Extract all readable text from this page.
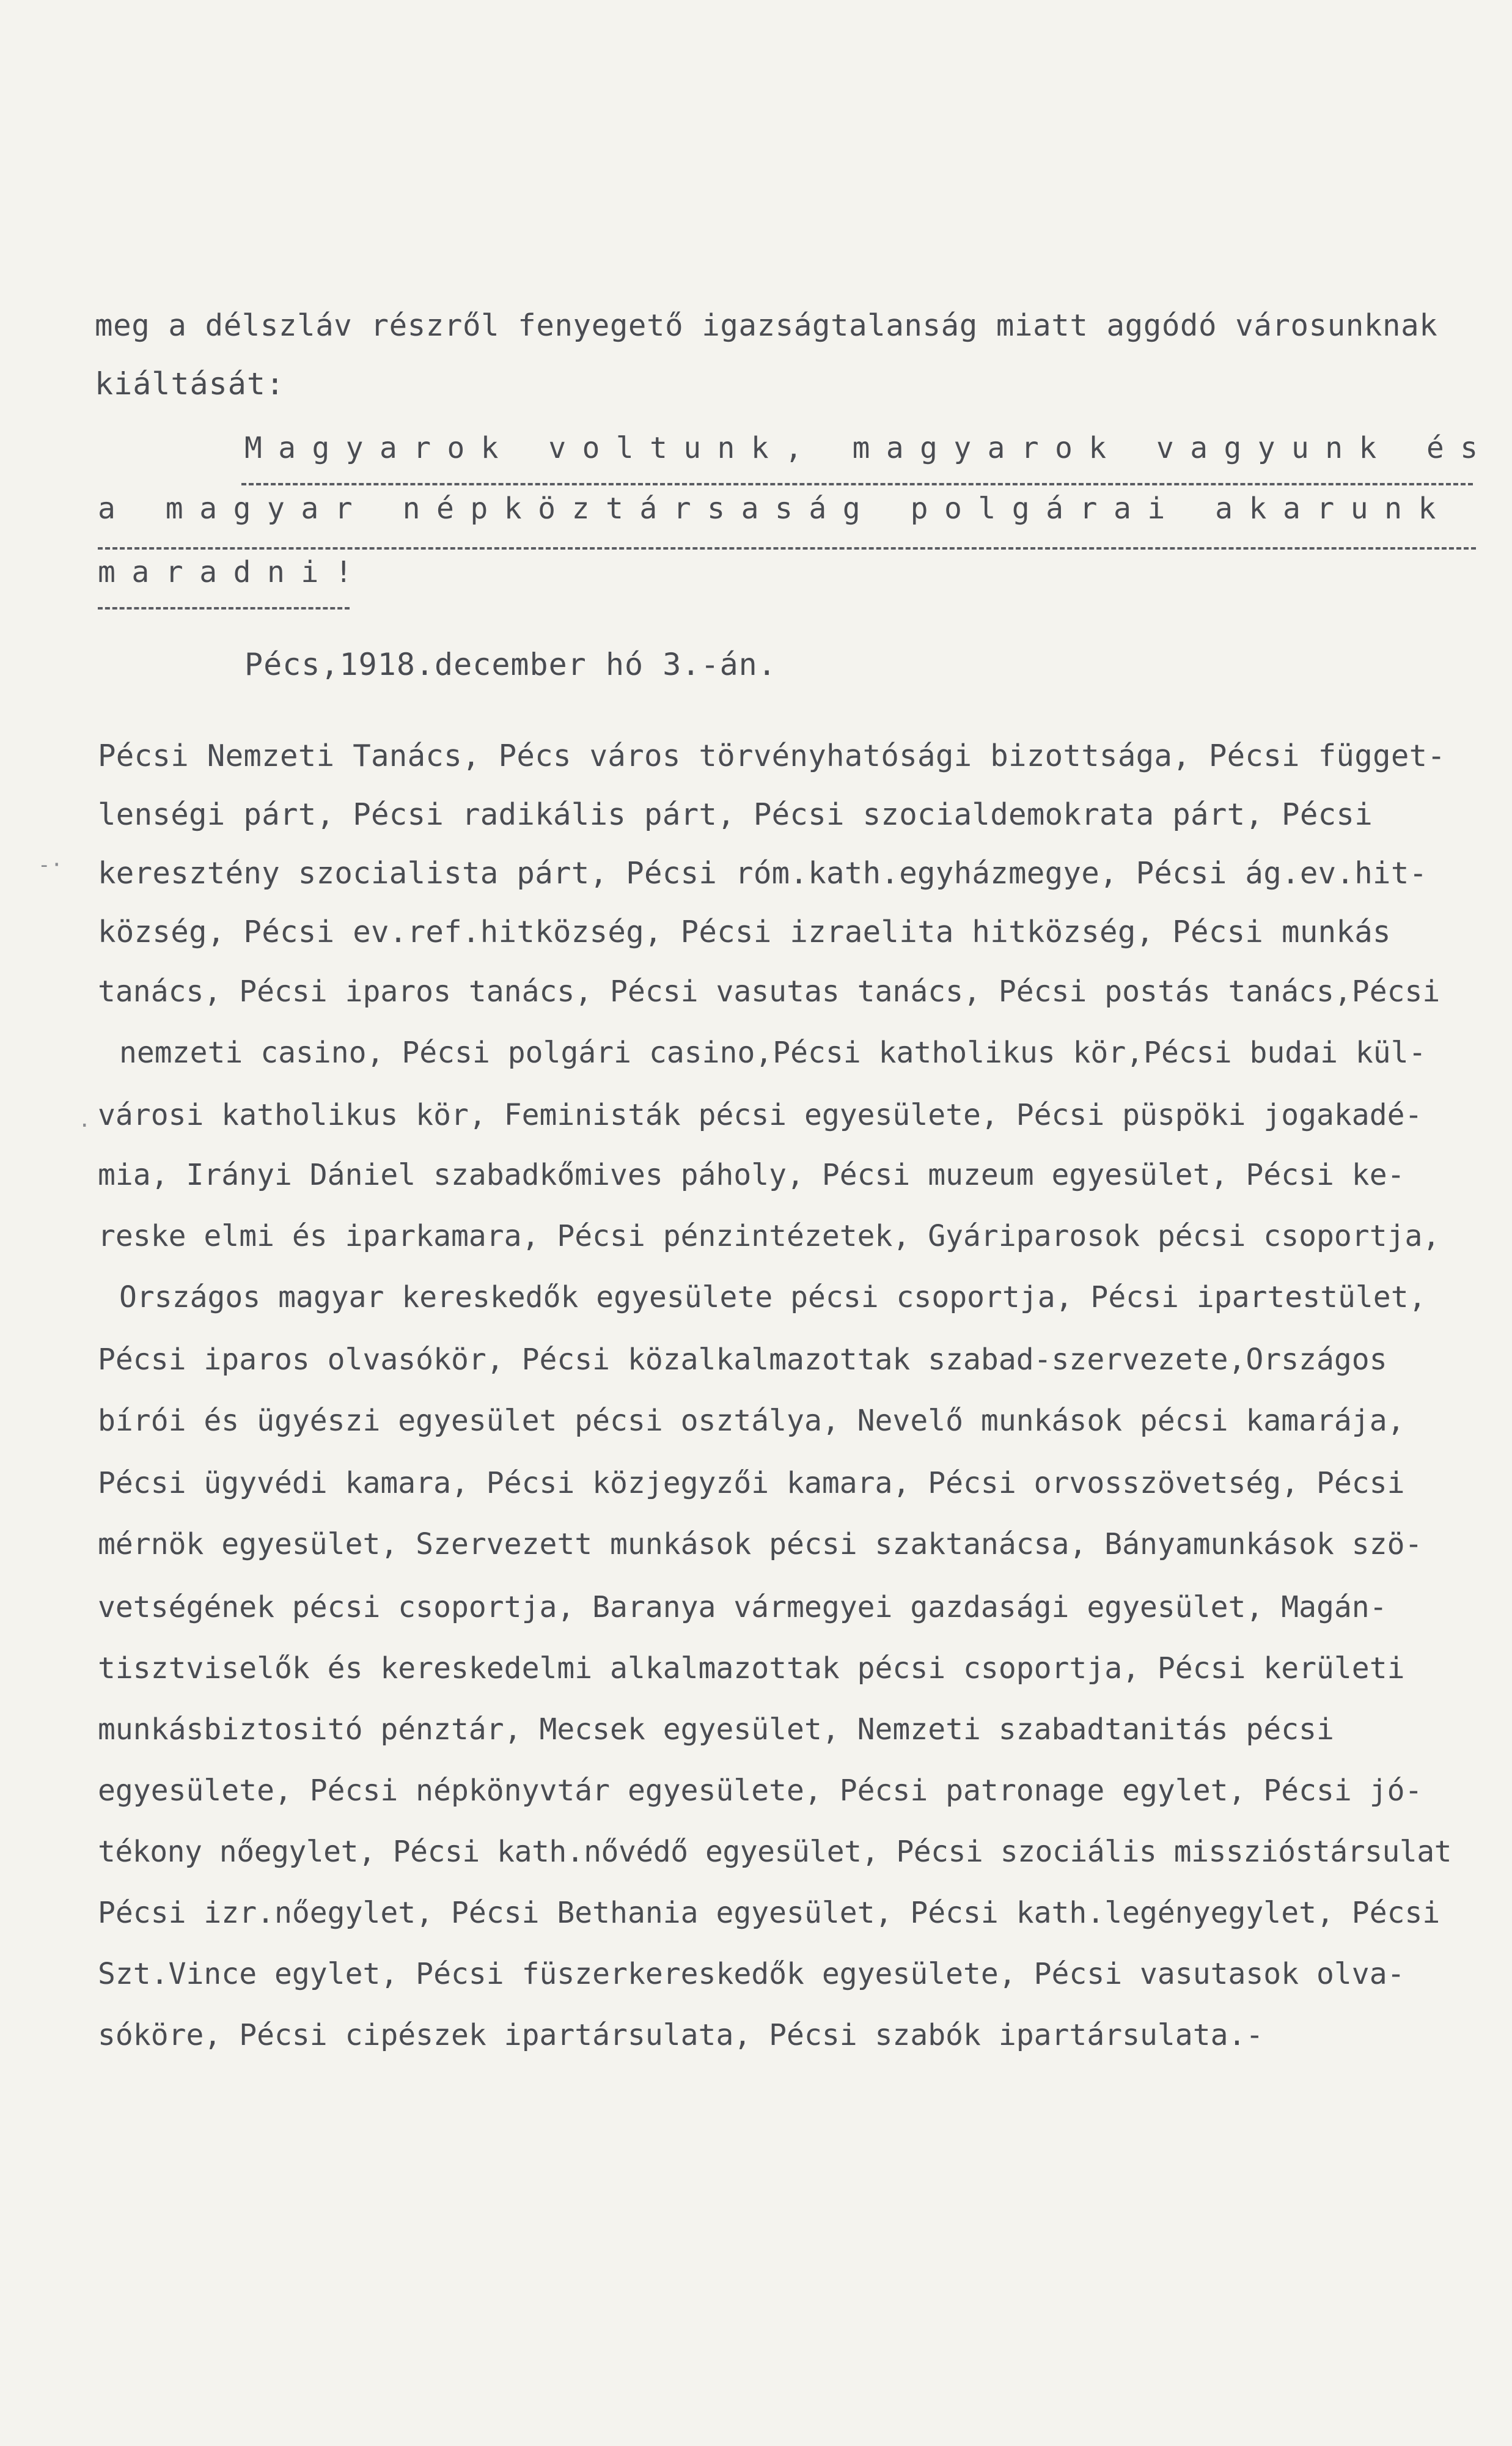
meg a délszláv részről fenyegető igazságtalanság miatt aggódó városunknak
kiáltását:
Magyarok voltunk, magyarok vagyunk és
a magyar népköztársaság polgárai akarunk
maradni!
Pécs,1918.december hó 3.-án.
Pécsi Nemzeti Tanács, Pécs város törvényhatósági bizottsága, Pécsi függet-
lenségi párt, Pécsi radikális párt, Pécsi szocialdemokrata párt, Pécsi
keresztény szocialista párt, Pécsi róm.kath.egyházmegye, Pécsi ág.ev.hit-
község, Pécsi ev.ref.hitközség, Pécsi izraelita hitközség, Pécsi munkás
tanács, Pécsi iparos tanács, Pécsi vasutas tanács, Pécsi postás tanács,Pécsi
nemzeti casino, Pécsi polgári casino,Pécsi katholikus kör,Pécsi budai kül-
városi katholikus kör, Feministák pécsi egyesülete, Pécsi püspöki jogakadé-
mia, Irányi Dániel szabadkőmives páholy, Pécsi muzeum egyesület, Pécsi ke-
reske elmi és iparkamara, Pécsi pénzintézetek, Gyáriparosok pécsi csoportja,
Országos magyar kereskedők egyesülete pécsi csoportja, Pécsi ipartestület,
Pécsi iparos olvasókör, Pécsi közalkalmazottak szabad-szervezete,Országos
bírói és ügyészi egyesület pécsi osztálya, Nevelő munkások pécsi kamarája,
Pécsi ügyvédi kamara, Pécsi közjegyzői kamara, Pécsi orvosszövetség, Pécsi
mérnök egyesület, Szervezett munkások pécsi szaktanácsa, Bányamunkások szö-
vetségének pécsi csoportja, Baranya vármegyei gazdasági egyesület, Magán-
tisztviselők és kereskedelmi alkalmazottak pécsi csoportja, Pécsi kerületi
munkásbiztositó pénztár, Mecsek egyesület, Nemzeti szabadtanitás pécsi
egyesülete, Pécsi népkönyvtár egyesülete, Pécsi patronage egylet, Pécsi jó-
tékony nőegylet, Pécsi kath.nővédő egyesület, Pécsi szociális misszióstársulat
Pécsi izr.nőegylet, Pécsi Bethania egyesület, Pécsi kath.legényegylet, Pécsi
Szt.Vince egylet, Pécsi füszerkereskedők egyesülete, Pécsi vasutasok olva-
sóköre, Pécsi cipészek ipartársulata, Pécsi szabók ipartársulata.-
-·
.
